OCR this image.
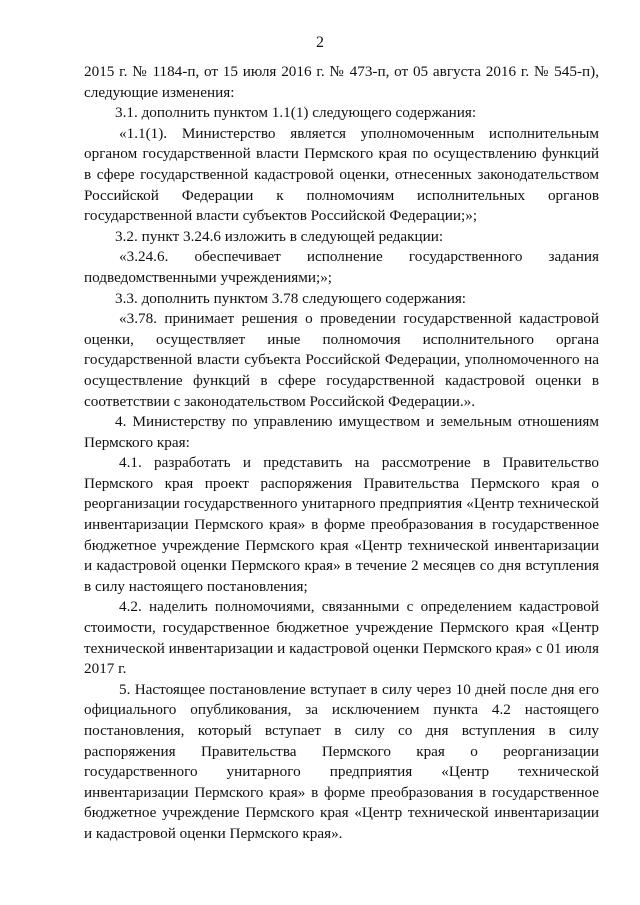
2

2015 г. № 1184-п, от 15 июля 2016 г. № 473-п, от 05 августа 2016 г. № 545-п), следующие изменения:

3.1. дополнить пунктом 1.1(1) следующего содержания:

«1.1(1). Министерство является уполномоченным исполнительным органом государственной власти Пермского края по осуществлению функций в сфере государственной кадастровой оценки, отнесенных законодательством Российской Федерации к полномочиям исполнительных органов государственной власти субъектов Российской Федерации;»;

3.2. пункт 3.24.6 изложить в следующей редакции:

«3.24.6. обеспечивает исполнение государственного задания подведомственными учреждениями;»;

3.3. дополнить пунктом 3.78 следующего содержания:

«3.78. принимает решения о проведении государственной кадастровой оценки, осуществляет иные полномочия исполнительного органа государственной власти субъекта Российской Федерации, уполномоченного на осуществление функций в сфере государственной кадастровой оценки в соответствии с законодательством Российской Федерации.».

4. Министерству по управлению имуществом и земельным отношениям Пермского края:

4.1. разработать и представить на рассмотрение в Правительство Пермского края проект распоряжения Правительства Пермского края о реорганизации государственного унитарного предприятия «Центр технической инвентаризации Пермского края» в форме преобразования в государственное бюджетное учреждение Пермского края «Центр технической инвентаризации и кадастровой оценки Пермского края» в течение 2 месяцев со дня вступления в силу настоящего постановления;

4.2. наделить полномочиями, связанными с определением кадастровой стоимости, государственное бюджетное учреждение Пермского края «Центр технической инвентаризации и кадастровой оценки Пермского края» с 01 июля 2017 г.

5. Настоящее постановление вступает в силу через 10 дней после дня его официального опубликования, за исключением пункта 4.2 настоящего постановления, который вступает в силу со дня вступления в силу распоряжения Правительства Пермского края о реорганизации государственного унитарного предприятия «Центр технической инвентаризации Пермского края» в форме преобразования в государственное бюджетное учреждение Пермского края «Центр технической инвентаризации и кадастровой оценки Пермского края».
